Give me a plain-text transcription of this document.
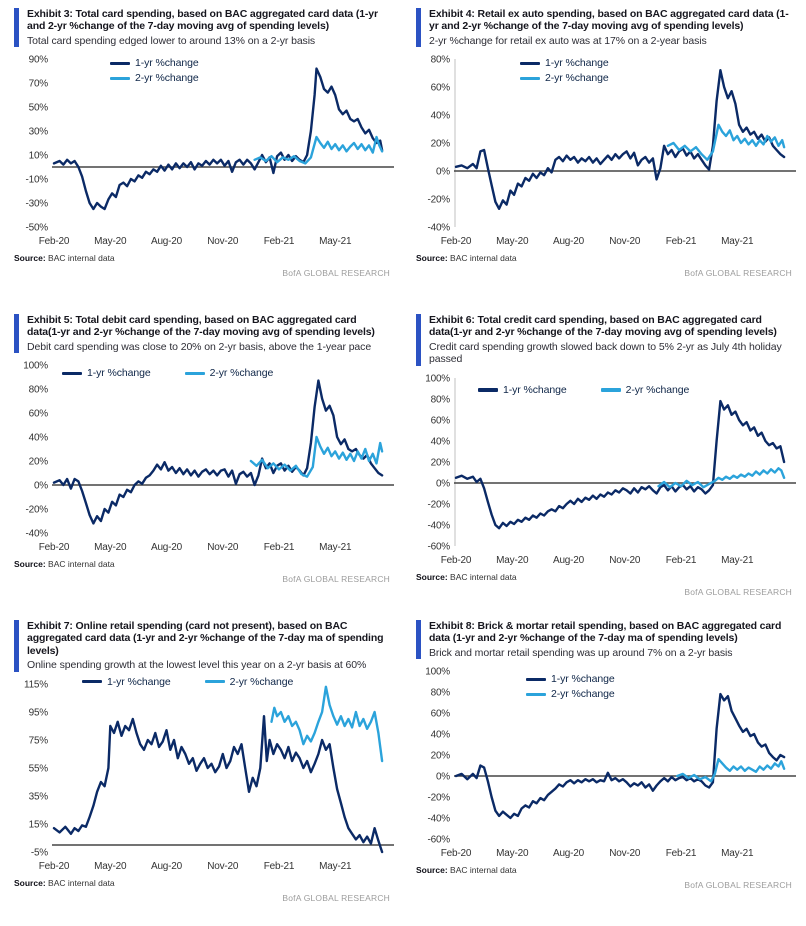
Exhibit 3: Total card spending, based on BAC aggregated card data (1-yr and 2-yr %change of the 7-day moving avg of spending levels)
Total card spending edged lower to around 13% on a 2-yr basis
90%
70%
50%
30%
10%
-10%
-30%
-50%
Feb-20 May-20 Aug-20	Nov-20	Feb-21 May-21
1-yr %change
2-yr %change
Source: BAC internal data
BofA GLOBAL RESEARCH
Exhibit 4: Retail ex auto spending, based on BAC aggregated card data (1-yr and 2-yr %change of the 7-day moving avg of spending levels)
2-yr %change for retail ex auto was at 17% on a 2-year basis
80%
60%
40%
20%
0%
-20%
-40%
Feb-20 May-20 Aug-20	Nov-20	Feb-21 May-21
1-yr %change
2-yr %change
Source: BAC internal data
BofA GLOBAL RESEARCH
Exhibit 5: Total debit card spending, based on BAC aggregated card data(1-yr and 2-yr %change of the 7-day moving avg of spending levels)
Debit card spending was close to 20% on 2-yr basis, above the 1-year pace
100%
80%
60%
40%
20%
0%
-20%
-40%
Feb-20 May-20 Aug-20	Nov-20	Feb-21 May-21
1-yr %change	2-yr %change
Source: BAC internal data
BofA GLOBAL RESEARCH
Exhibit 6: Total credit card spending, based on BAC aggregated card data(1-yr and 2-yr %change of the 7-day moving avg of spending levels)
Credit card spending growth slowed back down to 5% 2-yr as July 4th holiday passed
100%
80%
60%
40%
20%
0%
-20%
-40%
-60%
Feb-20 May-20 Aug-20	Nov-20	Feb-21 May-21
1-yr %change	2-yr %change
Source: BAC internal data
BofA GLOBAL RESEARCH
Exhibit 7: Online retail spending (card not present), based on BAC aggregated card data (1-yr and 2-yr %change of the 7-day ma of spending levels)
Online spending growth at the lowest level this year on a 2-yr basis at 60%
115%
95%
75%
55%
35%
15%
-5%
Feb-20 May-20 Aug-20	Nov-20	Feb-21 May-21
1-yr %change	2-yr %change
Source: BAC internal data
BofA GLOBAL RESEARCH
Exhibit 8: Brick & mortar retail spending, based on BAC aggregated card data (1-yr and 2-yr %change of the 7-day ma of spending levels)
Brick and mortar retail spending was up around 7% on a 2-yr basis
100%
80%
60%
40%
20%
0%
-20%
-40%
-60%
Feb-20 May-20 Aug-20	Nov-20	Feb-21 May-21
1-yr %change
2-yr %change
Source: BAC internal data
BofA GLOBAL RESEARCH
